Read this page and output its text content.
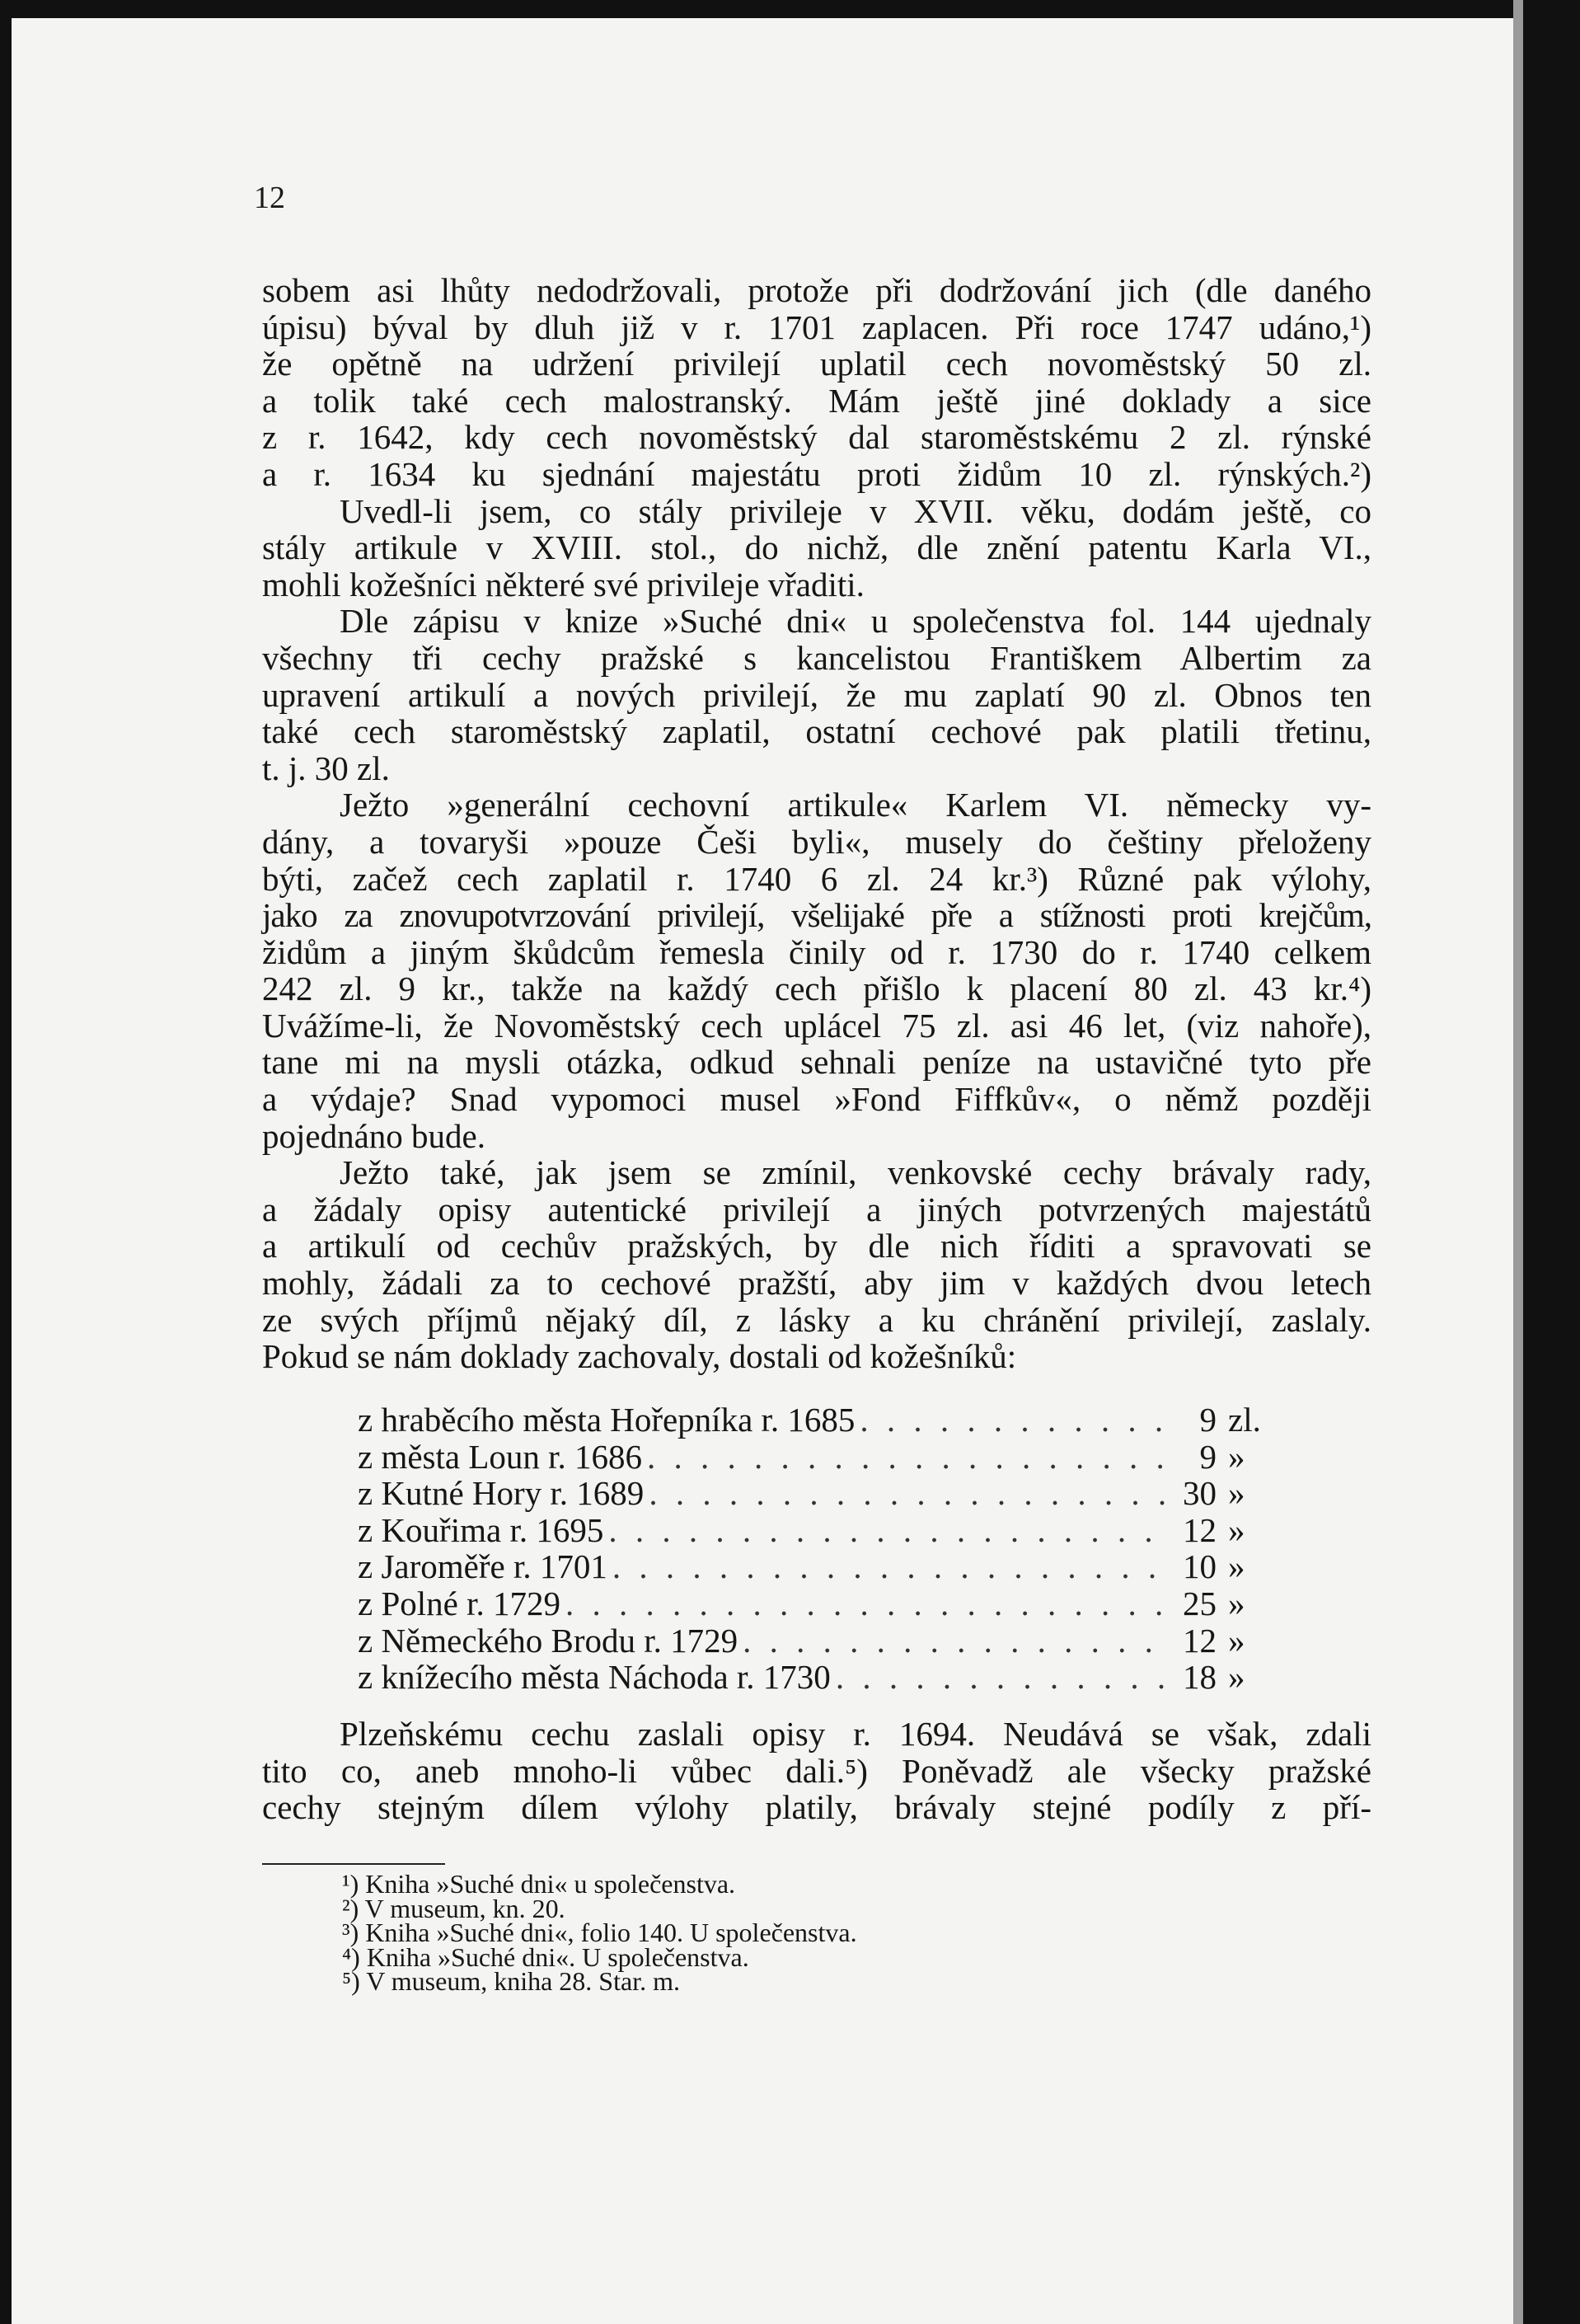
12
sobem asi lhůty nedodržovali, protože při dodržování jich (dle daného
úpisu) býval by dluh již v r. 1701 zaplacen. Při roce 1747 udáno,¹)
že opětně na udržení privilejí uplatil cech novoměstský 50 zl.
a tolik také cech malostranský. Mám ještě jiné doklady a sice
z r. 1642, kdy cech novoměstský dal staroměstskému 2 zl. rýnské
a r. 1634 ku sjednání majestátu proti židům 10 zl. rýnských.²)
Uvedl-li jsem, co stály privileje v XVII. věku, dodám ještě, co
stály artikule v XVIII. stol., do nichž, dle znění patentu Karla VI.,
mohli kožešníci některé své privileje vřaditi.
Dle zápisu v knize »Suché dni« u společenstva fol. 144 ujednaly
všechny tři cechy pražské s kancelistou Františkem Albertim za
upravení artikulí a nových privilejí, že mu zaplatí 90 zl. Obnos ten
také cech staroměstský zaplatil, ostatní cechové pak platili třetinu,
t. j. 30 zl.
Ježto »generální cechovní artikule« Karlem VI. německy vy-
dány, a tovaryši »pouze Češi byli«, musely do češtiny přeloženy
býti, začež cech zaplatil r. 1740 6 zl. 24 kr.³) Různé pak výlohy,
jako za znovupotvrzování privilejí, všelijaké pře a stížnosti proti krejčům,
židům a jiným škůdcům řemesla činily od r. 1730 do r. 1740 celkem
242 zl. 9 kr., takže na každý cech přišlo k placení 80 zl. 43 kr.⁴)
Uvážíme-li, že Novoměstský cech uplácel 75 zl. asi 46 let, (viz nahoře),
tane mi na mysli otázka, odkud sehnali peníze na ustavičné tyto pře
a výdaje? Snad vypomoci musel »Fond Fiffkův«, o němž později
pojednáno bude.
Ježto také, jak jsem se zmínil, venkovské cechy brávaly rady,
a žádaly opisy autentické privilejí a jiných potvrzených majestátů
a artikulí od cechův pražských, by dle nich říditi a spravovati se
mohly, žádali za to cechové pražští, aby jim v každých dvou letech
ze svých příjmů nějaký díl, z lásky a ku chránění privilejí, zaslaly.
Pokud se nám doklady zachovaly, dostali od kožešníků:
z hraběcího města Hořepníka r. 1685 . . .	9 zl.
z města Loun r. 1686 . . .	9 »
z Kutné Hory r. 1689 . . .	30 »
z Kouřima r. 1695 . . .	12 »
z Jaroměře r. 1701 . . .	10 »
z Polné r. 1729 . . .	25 »
z Německého Brodu r. 1729 . . .	12 »
z knížecího města Náchoda r. 1730 . . .	18 »
Plzeňskému cechu zaslali opisy r. 1694. Neudává se však, zdali
tito co, aneb mnoho-li vůbec dali.⁵) Poněvadž ale všecky pražské
cechy stejným dílem výlohy platily, brávaly stejné podíly z pří-
¹) Kniha »Suché dni« u společenstva.
²) V museum, kn. 20.
³) Kniha »Suché dni«, folio 140. U společenstva.
⁴) Kniha »Suché dni«. U společenstva.
⁵) V museum, kniha 28. Star. m.
